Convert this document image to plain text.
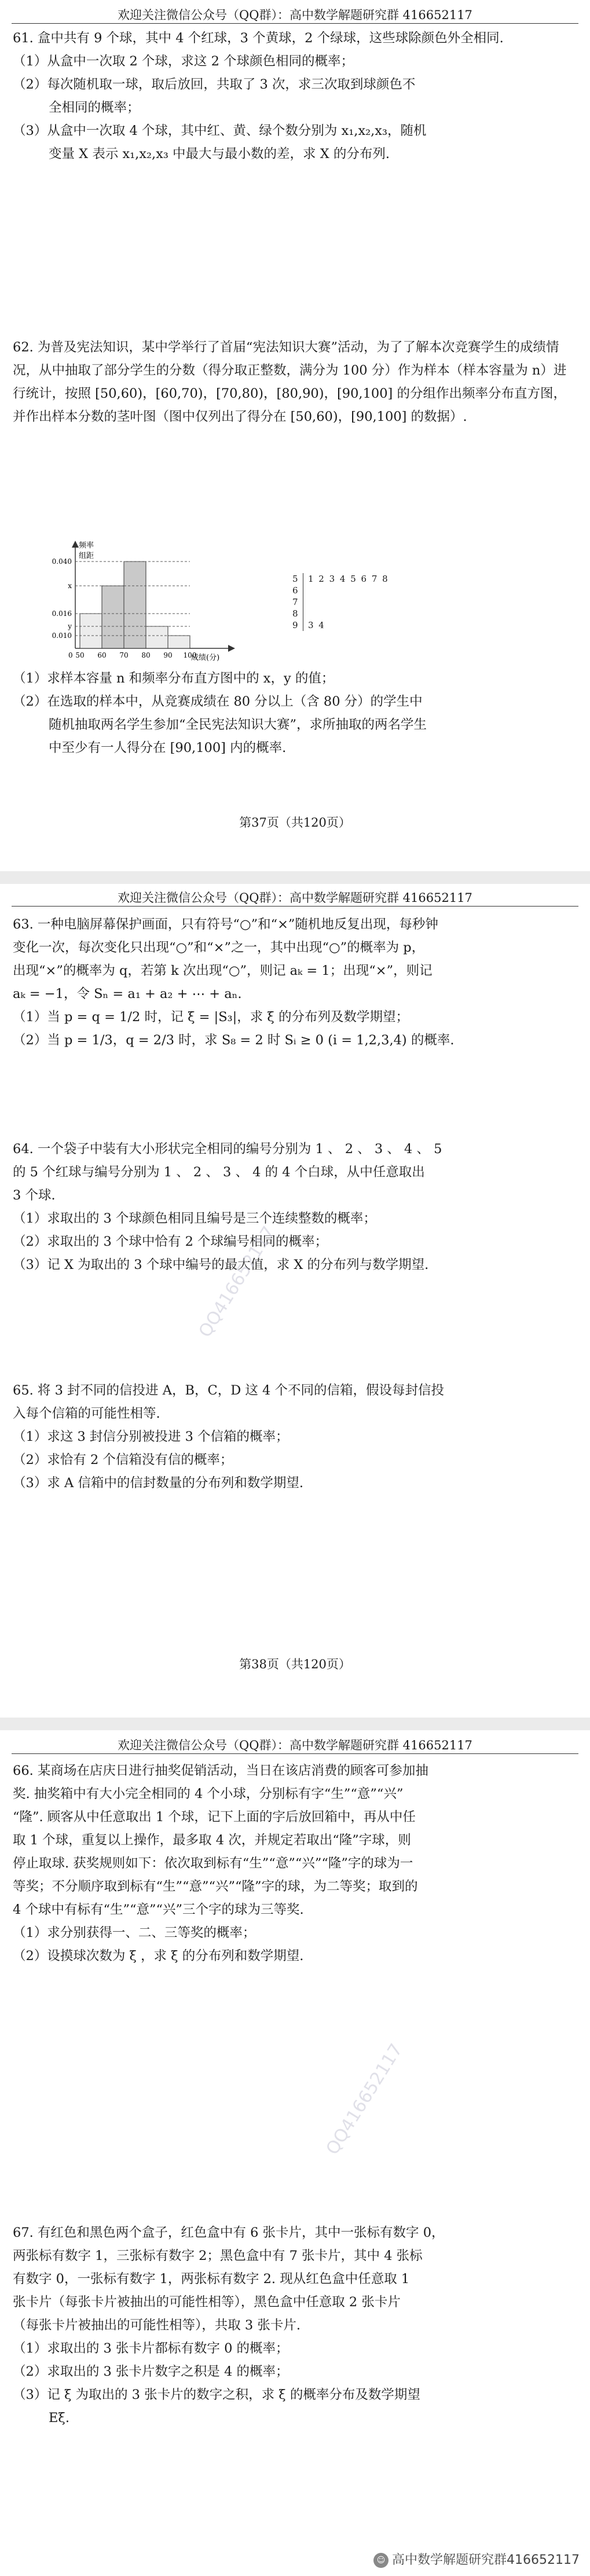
欢迎关注微信公众号（QQ群）：高中数学解题研究群 416652117

61. 盒中共有 9 个球，其中 4 个红球，3 个黄球，2 个绿球，这些球除颜色外全相同.

（1）从盒中一次取 2 个球，求这 2 个球颜色相同的概率；

（2）每次随机取一球，取后放回，共取了 3 次，求三次取到球颜色不

全相同的概率；

（3）从盒中一次取 4 个球，其中红、黄、绿个数分别为 x₁,x₂,x₃，随机

变量 X 表示 x₁,x₂,x₃ 中最大与最小数的差，求 X 的分布列.

62. 为普及宪法知识，某中学举行了首届“宪法知识大赛”活动，为了了解本次竞赛学生的成绩情况，从中抽取了部分学生的分数（得分取正整数，满分为 100 分）作为样本（样本容量为 n）进行统计，按照 [50,60)，[60,70)，[70,80)，[80,90)，[90,100] 的分组作出频率分布直方图，并作出样本分数的茎叶图（图中仅列出了得分在 [50,60)，[90,100] 的数据）.

频率
组距
成绩(分)
0
0.040
x
0.016
y
0.010
50 60 70 80 90 100
5	1 2 3 4 5 6 7 8
6
7
8
9	3 4

（1）求样本容量 n 和频率分布直方图中的 x，y 的值；

（2）在选取的样本中，从竞赛成绩在 80 分以上（含 80 分）的学生中

随机抽取两名学生参加“全民宪法知识大赛”，求所抽取的两名学生

中至少有一人得分在 [90,100] 内的概率.

第37页（共120页）
欢迎关注微信公众号（QQ群）：高中数学解题研究群 416652117

63. 一种电脑屏幕保护画面，只有符号“○”和“×”随机地反复出现，每秒钟

变化一次，每次变化只出现“○”和“×”之一，其中出现“○”的概率为 p，

出现“×”的概率为 q，若第 k 次出现“○”，则记 aₖ = 1；出现“×”，则记

aₖ = −1，令 Sₙ = a₁ + a₂ + ⋯ + aₙ.

（1）当 p = q = 1/2 时，记 ξ = |S₃|，求 ξ 的分布列及数学期望；

（2）当 p = 1/3，q = 2/3 时，求 S₈ = 2 时 Sᵢ ≥ 0 (i = 1,2,3,4) 的概率.

64. 一个袋子中装有大小形状完全相同的编号分别为 1 、 2 、 3 、 4 、 5

的 5 个红球与编号分别为 1 、 2 、 3 、 4 的 4 个白球，从中任意取出

3 个球.

（1）求取出的 3 个球颜色相同且编号是三个连续整数的概率；

（2）求取出的 3 个球中恰有 2 个球编号相同的概率；

（3）记 X 为取出的 3 个球中编号的最大值，求 X 的分布列与数学期望.

65. 将 3 封不同的信投进 A，B，C，D 这 4 个不同的信箱，假设每封信投

入每个信箱的可能性相等.

（1）求这 3 封信分别被投进 3 个信箱的概率；

（2）求恰有 2 个信箱没有信的概率；

（3）求 A 信箱中的信封数量的分布列和数学期望.

QQ416652117
第38页（共120页）
欢迎关注微信公众号（QQ群）：高中数学解题研究群 416652117

66. 某商场在店庆日进行抽奖促销活动，当日在该店消费的顾客可参加抽

奖. 抽奖箱中有大小完全相同的 4 个小球，分别标有字“生”“意”“兴”

“隆”. 顾客从中任意取出 1 个球，记下上面的字后放回箱中，再从中任

取 1 个球，重复以上操作，最多取 4 次，并规定若取出“隆”字球，则

停止取球. 获奖规则如下：依次取到标有“生”“意”“兴”“隆”字的球为一

等奖；不分顺序取到标有“生”“意”“兴”“隆”字的球，为二等奖；取到的

4 个球中有标有“生”“意”“兴”三个字的球为三等奖.

（1）求分别获得一、二、三等奖的概率；

（2）设摸球次数为 ξ ，求 ξ 的分布列和数学期望.

67. 有红色和黑色两个盒子，红色盒中有 6 张卡片，其中一张标有数字 0，

两张标有数字 1，三张标有数字 2；黑色盒中有 7 张卡片，其中 4 张标

有数字 0，一张标有数字 1，两张标有数字 2. 现从红色盒中任意取 1

张卡片（每张卡片被抽出的可能性相等），黑色盒中任意取 2 张卡片

（每张卡片被抽出的可能性相等），共取 3 张卡片.

（1）求取出的 3 张卡片都标有数字 0 的概率；

（2）求取出的 3 张卡片数字之积是 4 的概率；

（3）记 ξ 为取出的 3 张卡片的数字之积，求 ξ 的概率分布及数学期望

Eξ.

QQ416652117
☺ 高中数学解题研究群416652117
